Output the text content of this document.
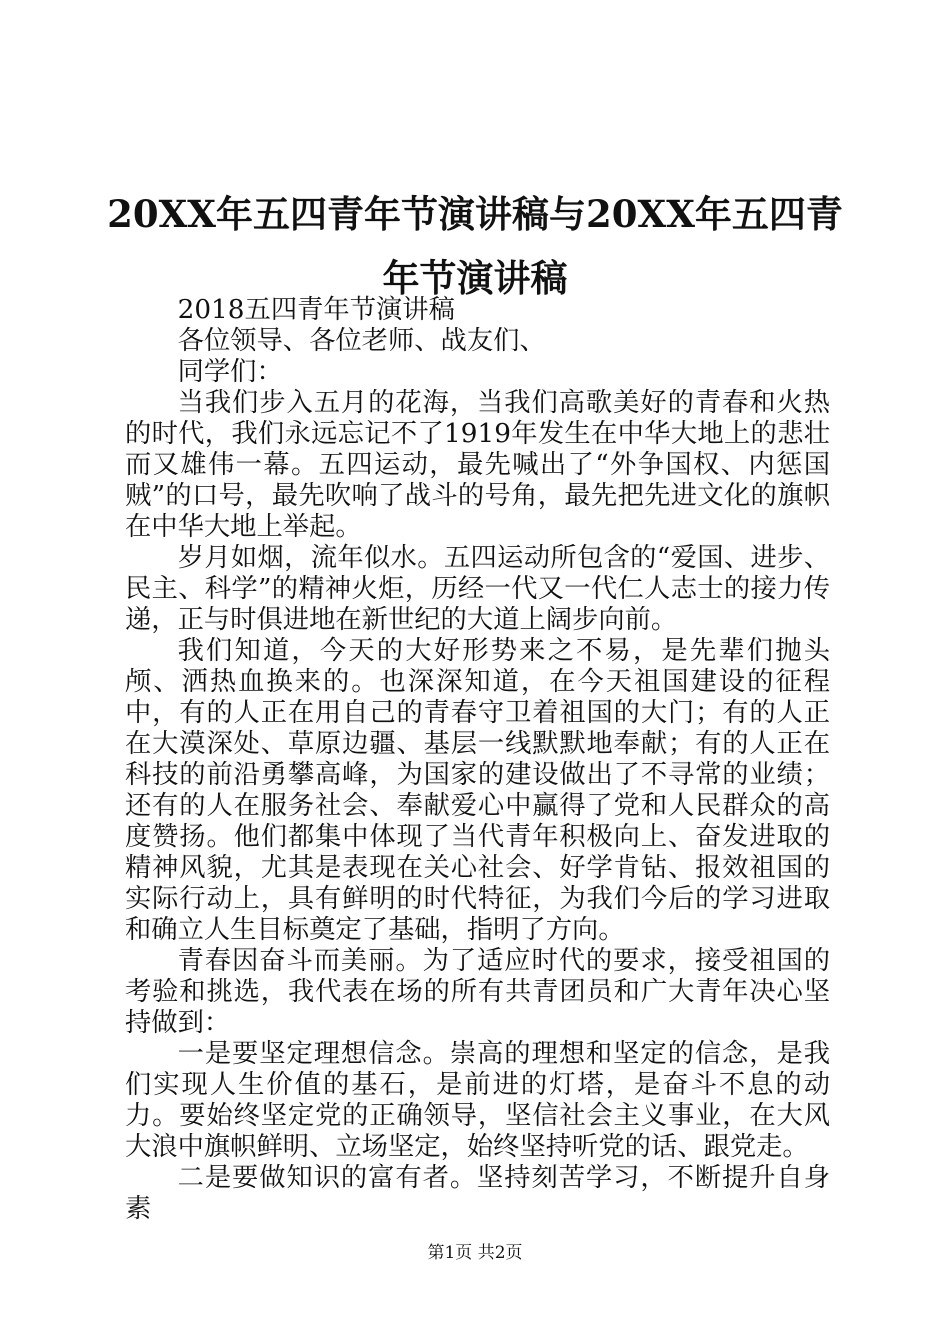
20XX年五四青年节演讲稿与20XX年五四青年节演讲稿

2018五四青年节演讲稿

各位领导、各位老师、战友们、

同学们：

当我们步入五月的花海，当我们高歌美好的青春和火热的时代，我们永远忘记不了1919年发生在中华大地上的悲壮而又雄伟一幕。五四运动，最先喊出了“外争国权、内惩国贼”的口号，最先吹响了战斗的号角，最先把先进文化的旗帜在中华大地上举起。

岁月如烟，流年似水。五四运动所包含的“爱国、进步、民主、科学”的精神火炬，历经一代又一代仁人志士的接力传递，正与时俱进地在新世纪的大道上阔步向前。

我们知道，今天的大好形势来之不易，是先辈们抛头颅、洒热血换来的。也深深知道，在今天祖国建设的征程中，有的人正在用自己的青春守卫着祖国的大门；有的人正在大漠深处、草原边疆、基层一线默默地奉献；有的人正在科技的前沿勇攀高峰，为国家的建设做出了不寻常的业绩；还有的人在服务社会、奉献爱心中赢得了党和人民群众的高度赞扬。他们都集中体现了当代青年积极向上、奋发进取的精神风貌，尤其是表现在关心社会、好学肯钻、报效祖国的实际行动上，具有鲜明的时代特征，为我们今后的学习进取和确立人生目标奠定了基础，指明了方向。

青春因奋斗而美丽。为了适应时代的要求，接受祖国的考验和挑选，我代表在场的所有共青团员和广大青年决心坚持做到：

一是要坚定理想信念。崇高的理想和坚定的信念，是我们实现人生价值的基石，是前进的灯塔，是奋斗不息的动力。要始终坚定党的正确领导，坚信社会主义事业，在大风大浪中旗帜鲜明、立场坚定，始终坚持听党的话、跟党走。

二是要做知识的富有者。坚持刻苦学习，不断提升自身素

第1页 共2页
